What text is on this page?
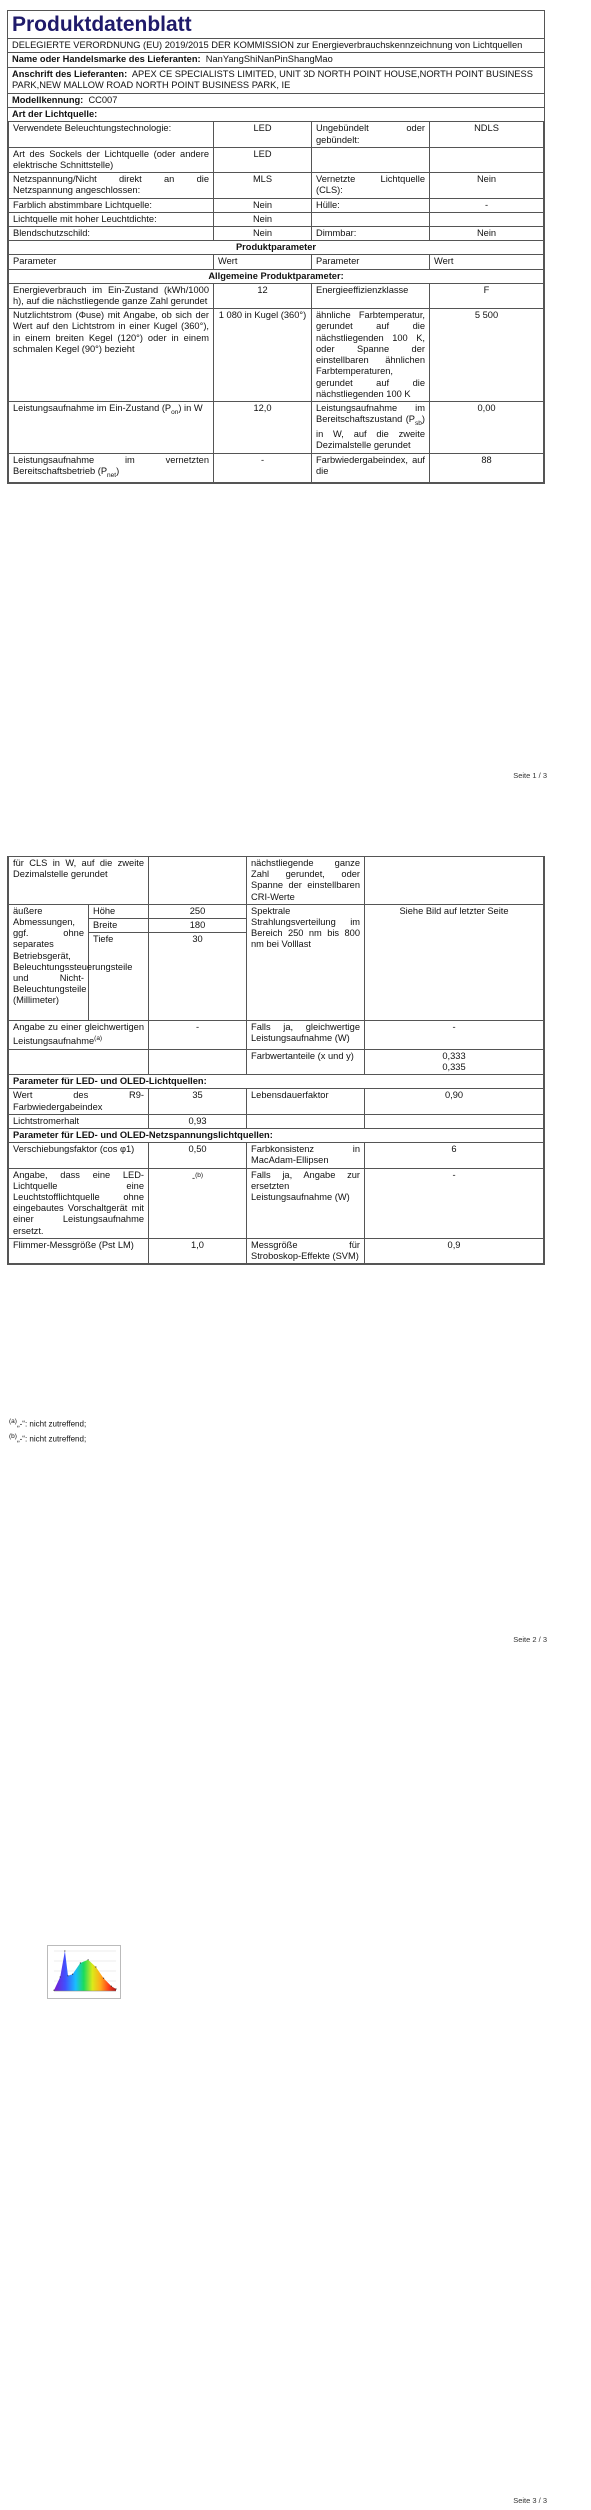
Produktdatenblatt
DELEGIERTE VERORDNUNG (EU) 2019/2015 DER KOMMISSION zur Energieverbrauchskennzeichnung von Lichtquellen
Name oder Handelsmarke des Lieferanten: NanYangShiNanPinShangMao
Anschrift des Lieferanten: APEX CE SPECIALISTS LIMITED, UNIT 3D NORTH POINT HOUSE,NORTH POINT BUSINESS PARK,NEW MALLOW ROAD NORTH POINT BUSINESS PARK, IE
Modellkennung: CC007
Art der Lichtquelle:
Verwendete Beleuchtungstechnologie:	LED	Ungebündelt oder gebündelt:	NDLS
Art des Sockels der Lichtquelle (oder andere elektrische Schnittstelle)	LED		
Netzspannung/Nicht direkt an die Netzspannung angeschlossen:	MLS	Vernetzte Lichtquelle (CLS):	Nein
Farblich abstimmbare Lichtquelle:	Nein	Hülle:	-
Lichtquelle mit hoher Leuchtdichte:	Nein		
Blendschutzschild:	Nein	Dimmbar:	Nein
Produktparameter			
Parameter	Wert	Parameter	Wert
Allgemeine Produktparameter:			
Energieverbrauch im Ein-Zustand (kWh/1000 h), auf die nächstliegende ganze Zahl gerundet	12	Energieeffizienzklasse	F
Nutzlichtstrom (Φuse) mit Angabe, ob sich der Wert auf den Lichtstrom in einer Kugel (360°), in einem breiten Kegel (120°) oder in einem schmalen Kegel (90°) bezieht	1 080 in Kugel (360°)	ähnliche Farbtemperatur, gerundet auf die nächstliegenden 100 K, oder Spanne der einstellbaren ähnlichen Farbtemperaturen, gerundet auf die nächstliegenden 100 K	5 500
Leistungsaufnahme im Ein-Zustand $(P_{on})$ in W	12,0	Leistungsaufnahme im Bereitschaftszustand $(P_{sb})$ in W, auf die zweite Dezimalstelle gerundet	0,00
Leistungsaufnahme im vernetzten Bereitschaftsbetrieb $(P_{net})$	-	Farbwiedergabeindex, auf die	88
Seite 1 / 3
für CLS in W, auf die zweite Dezimalstelle gerundet			nächstliegende ganze Zahl gerundet, oder Spanne der einstellbaren CRI-Werte	
äußere Abmessungen, ggf. ohne separates Betriebsgerät, Beleuchtungssteuerungsteile und Nicht-Beleuchtungsteile (Millimeter)	Höhe	250	Spektrale Strahlungsverteilung im Bereich 250 nm bis 800 nm bei Volllast	Siehe Bild auf letzter Seite
	Breite	180		
	Tiefe	30		
Angabe zu einer gleichwertigen Leistungsaufnahme$^{(a)}$		-	Falls ja, gleichwertige Leistungsaufnahme (W)	-
			Farbwertanteile (x und y)	0,333
0,335

Parameter für LED- und OLED-Lichtquellen:				
Wert des R9-Farbwiedergabeindex		35	Lebensdauerfaktor	0,90
Lichtstromerhalt		0,93		
Parameter für LED- und OLED-Netzspannungslichtquellen:				
Verschiebungsfaktor (cos φ1)		0,50	Farbkonsistenz in MacAdam-Ellipsen	6
Angabe, dass eine LED-Lichtquelle eine Leuchtstofflichtquelle ohne eingebautes Vorschaltgerät mit einer Leistungsaufnahme ersetzt.		-$^{(b)}$	Falls ja, Angabe zur ersetzten Leistungsaufnahme (W)	-
Flimmer-Messgröße (Pst LM)		1,0	Messgröße für Stroboskop-Effekte (SVM)	0,9
$^{(a)}$„-“: nicht zutreffend;
$^{(b)}$„-“: nicht zutreffend;
Seite 2 / 3
Seite 3 / 3
